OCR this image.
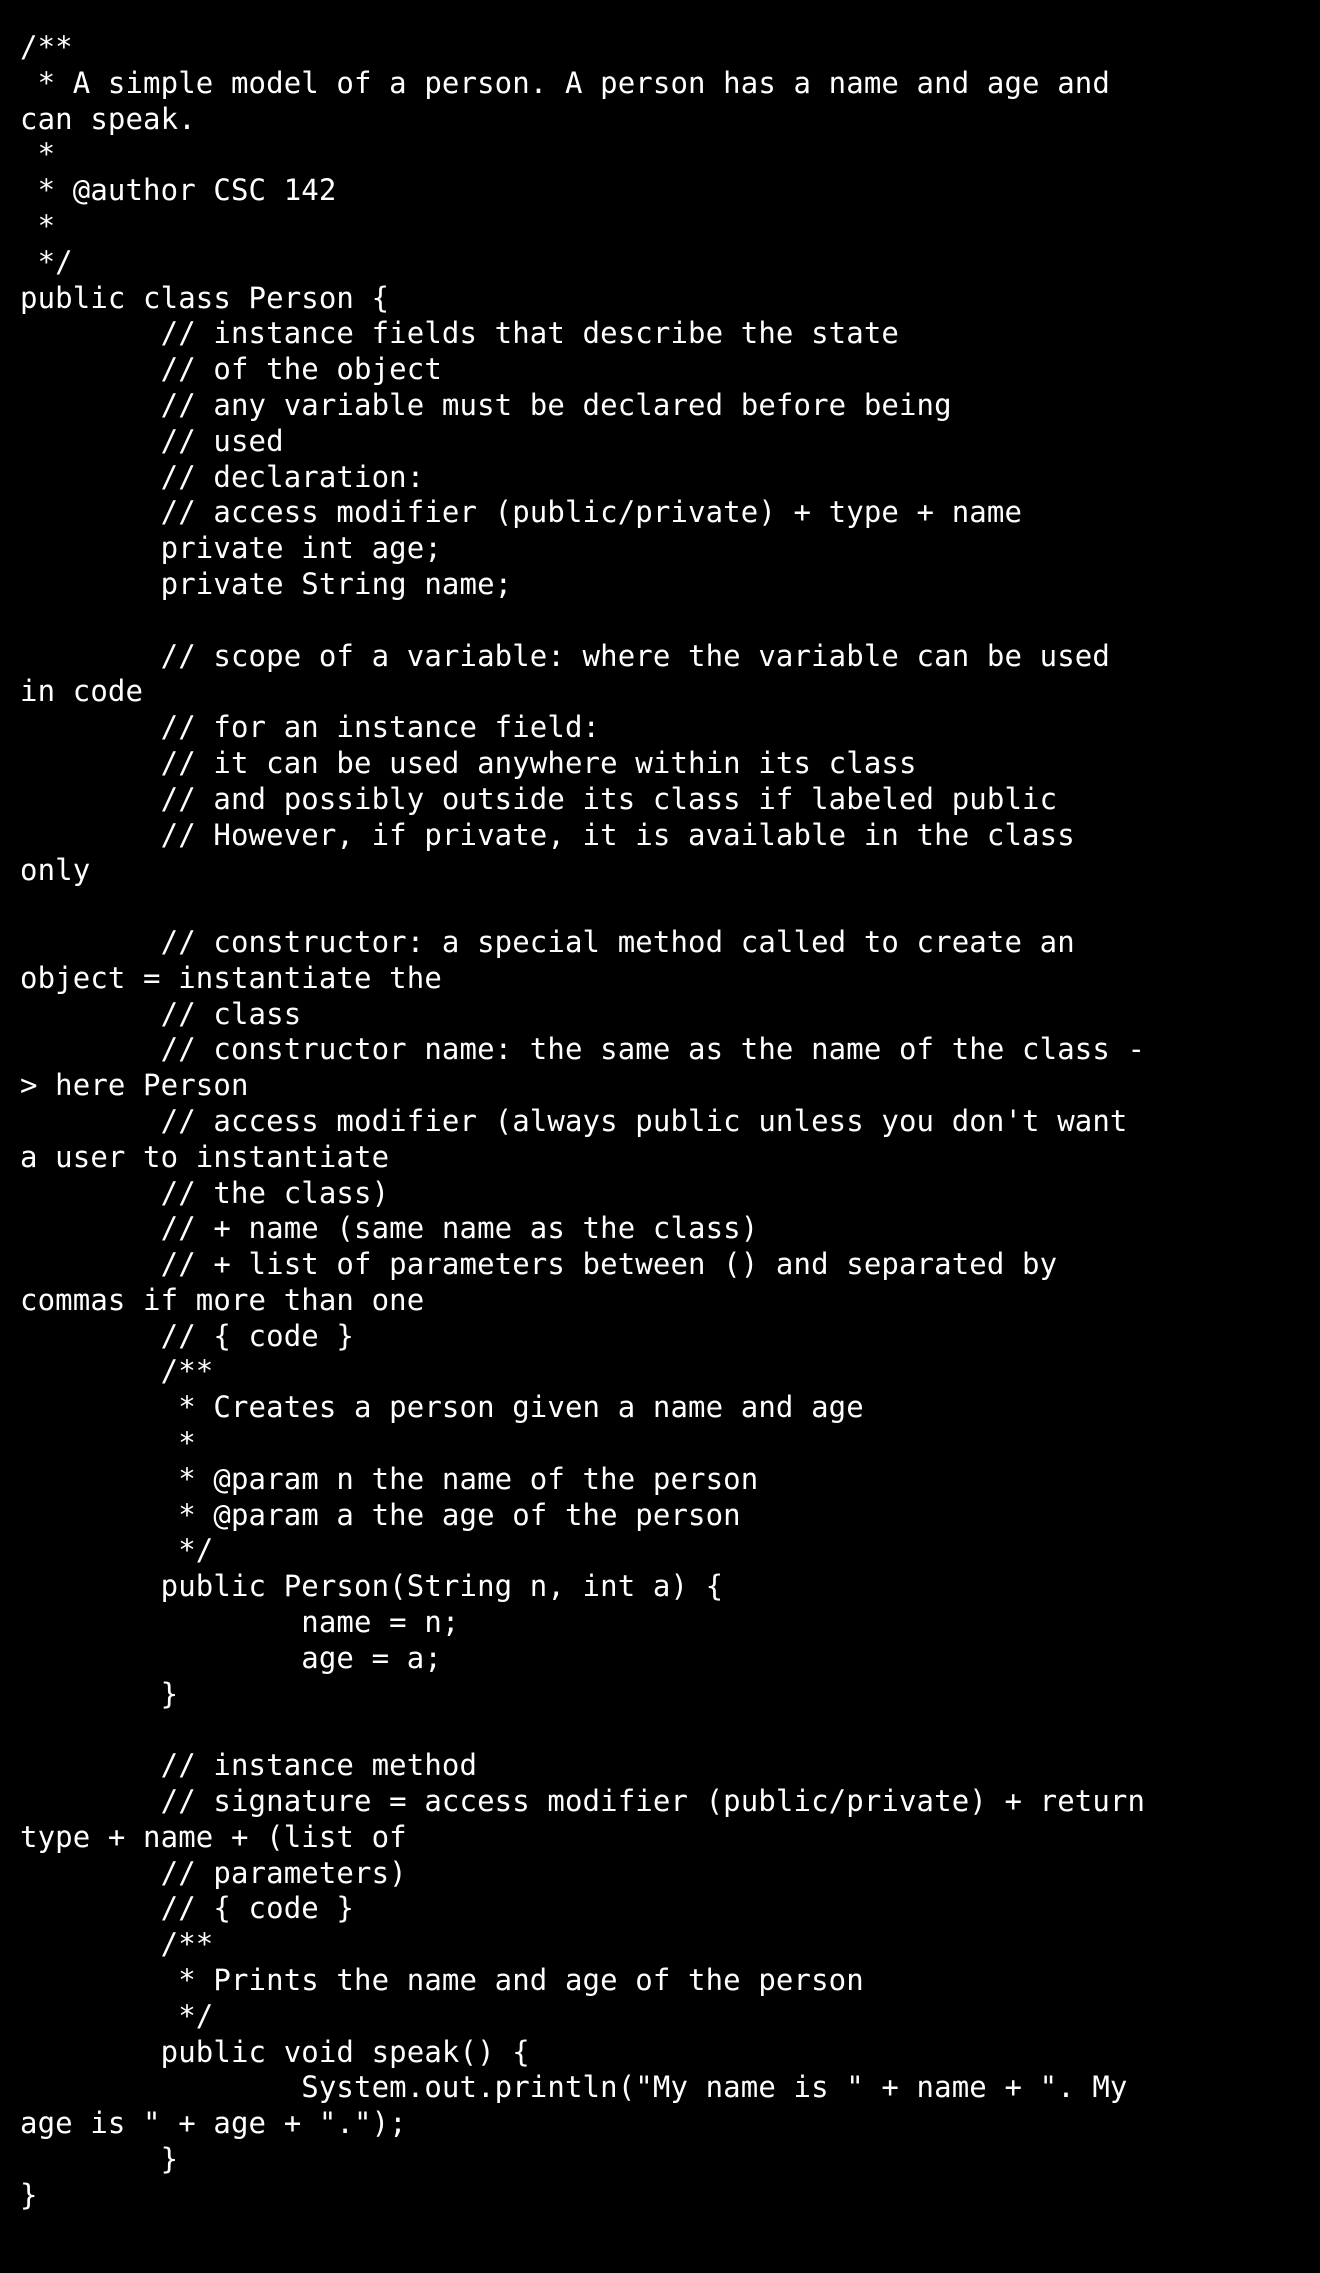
/**
* A simple model of a person. A person has a name and age and
can speak.
*
* @author CSC 142
*
*/
public class Person {
// instance fields that describe the state
// of the object
// any variable must be declared before being
// used
// declaration:
// access modifier (public/private) + type + name
private int age;
private String name;
// scope of a variable: where the variable can be used
in code
// for an instance field:
// it can be used anywhere within its class
// and possibly outside its class if labeled public
// However, if private, it is available in the class
only
// constructor: a special method called to create an
object = instantiate the
// class
// constructor name: the same as the name of the class -
> here Person
// access modifier (always public unless you don't want
a user to instantiate
// the class)
// + name (same name as the class)
// + list of parameters between () and separated by
commas if more than one
// { code }
/**
* Creates a person given a name and age
*
* @param n the name of the person
* @param a the age of the person
*/
public Person(String n, int a) {
name = n;
age = a;
}
// instance method
// signature = access modifier (public/private) + return
type + name + (list of
// parameters)
// { code }
/**
* Prints the name and age of the person
*/
public void speak() {
System.out.println("My name is " + name + ". My
age is " + age + ".");
}
}
